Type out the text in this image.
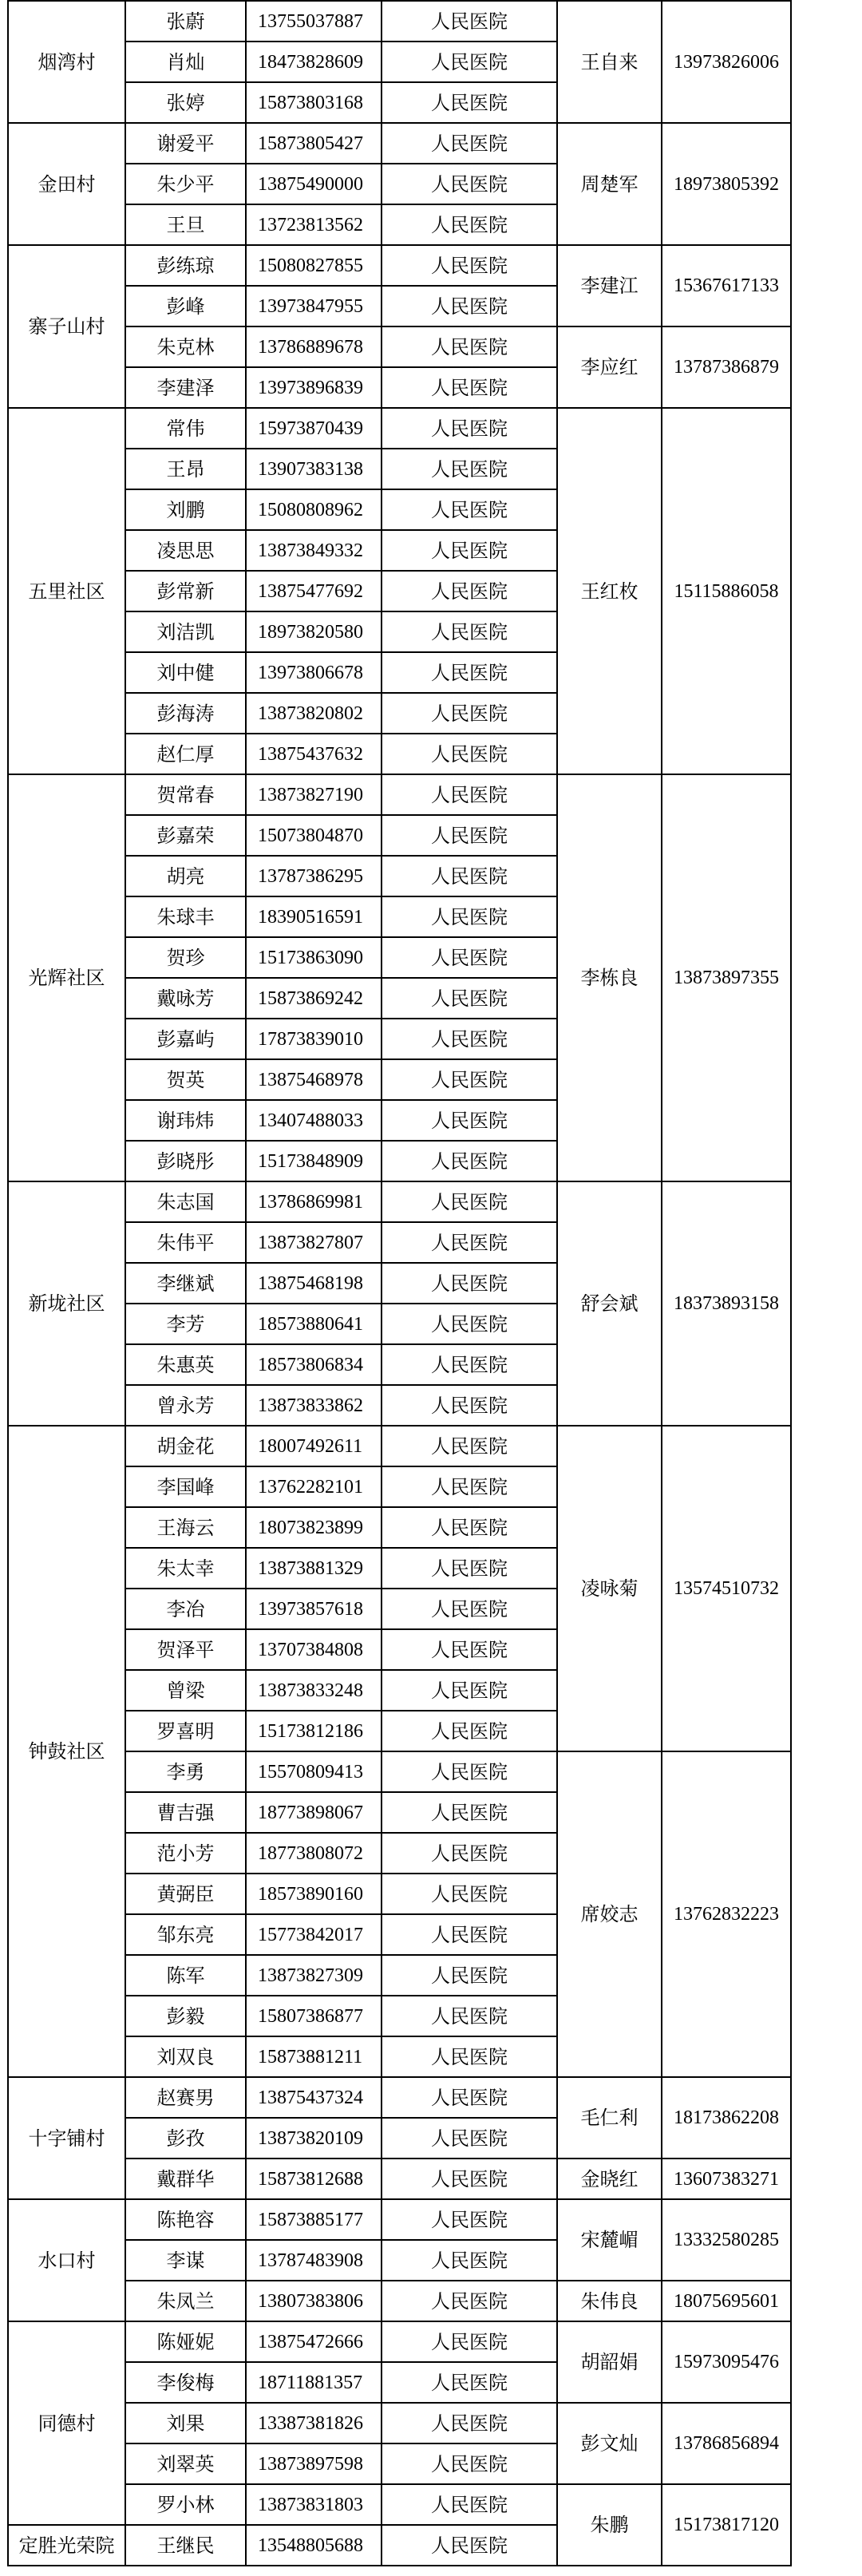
烟湾村	张蔚	13755037887	人民医院	王自来	13973826006
	肖灿	18473828609	人民医院		
	张婷	15873803168	人民医院		
金田村	谢爱平	15873805427	人民医院	周楚军	18973805392
	朱少平	13875490000	人民医院		
	王旦	13723813562	人民医院		
寨子山村	彭练琼	15080827855	人民医院	李建江	15367617133
	彭峰	13973847955	人民医院		
	朱克林	13786889678	人民医院	李应红	13787386879
	李建泽	13973896839	人民医院		
五里社区	常伟	15973870439	人民医院	王红枚	15115886058
	王昂	13907383138	人民医院		
	刘鹏	15080808962	人民医院		
	凌思思	13873849332	人民医院		
	彭常新	13875477692	人民医院		
	刘洁凯	18973820580	人民医院		
	刘中健	13973806678	人民医院		
	彭海涛	13873820802	人民医院		
	赵仁厚	13875437632	人民医院		
光辉社区	贺常春	13873827190	人民医院	李栋良	13873897355
	彭嘉荣	15073804870	人民医院		
	胡亮	13787386295	人民医院		
	朱球丰	18390516591	人民医院		
	贺珍	15173863090	人民医院		
	戴咏芳	15873869242	人民医院		
	彭嘉屿	17873839010	人民医院		
	贺英	13875468978	人民医院		
	谢玮炜	13407488033	人民医院		
	彭晓彤	15173848909	人民医院		
新垅社区	朱志国	13786869981	人民医院	舒会斌	18373893158
	朱伟平	13873827807	人民医院		
	李继斌	13875468198	人民医院		
	李芳	18573880641	人民医院		
	朱惠英	18573806834	人民医院		
	曾永芳	13873833862	人民医院		
钟鼓社区	胡金花	18007492611	人民医院	凌咏菊	13574510732
	李国峰	13762282101	人民医院		
	王海云	18073823899	人民医院		
	朱太幸	13873881329	人民医院		
	李冶	13973857618	人民医院		
	贺泽平	13707384808	人民医院		
	曾梁	13873833248	人民医院		
	罗喜明	15173812186	人民医院		
	李勇	15570809413	人民医院	席姣志	13762832223
	曹吉强	18773898067	人民医院		
	范小芳	18773808072	人民医院		
	黄弼臣	18573890160	人民医院		
	邹东亮	15773842017	人民医院		
	陈军	13873827309	人民医院		
	彭毅	15807386877	人民医院		
	刘双良	15873881211	人民医院		
十字铺村	赵赛男	13875437324	人民医院	毛仁利	18173862208
	彭孜	13873820109	人民医院		
	戴群华	15873812688	人民医院	金晓红	13607383271
水口村	陈艳容	15873885177	人民医院	宋麓嵋	13332580285
	李谋	13787483908	人民医院		
	朱凤兰	13807383806	人民医院	朱伟良	18075695601
同德村	陈娅妮	13875472666	人民医院	胡韶娟	15973095476
	李俊梅	18711881357	人民医院		
	刘果	13387381826	人民医院	彭文灿	13786856894
	刘翠英	13873897598	人民医院		
	罗小林	13873831803	人民医院	朱鹏	15173817120
定胜光荣院	王继民	13548805688	人民医院		
